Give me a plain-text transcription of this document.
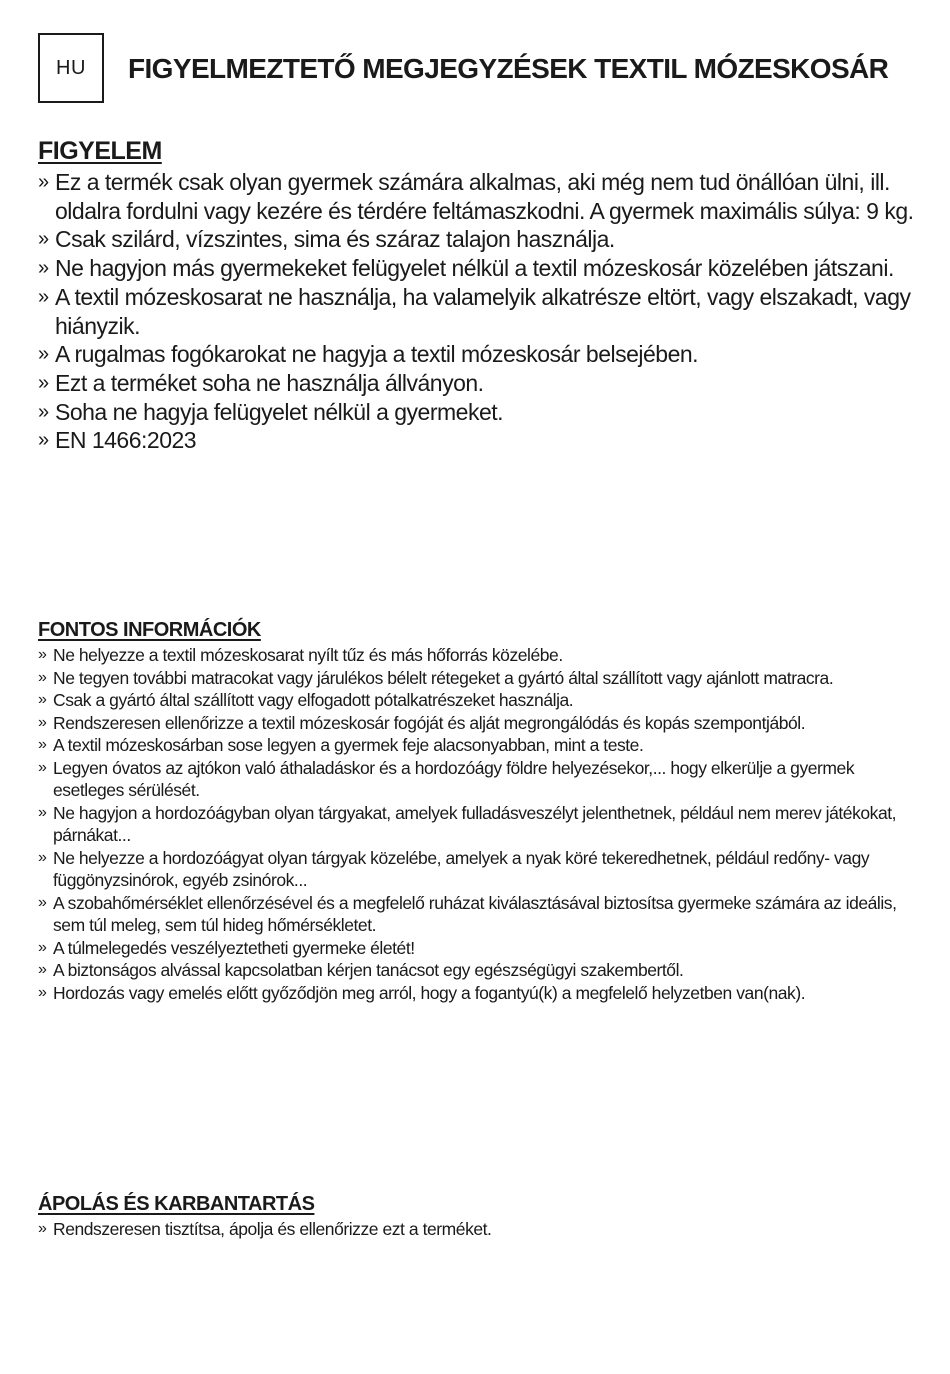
HU	FIGYELMEZTETŐ MEGJEGYZÉSEK TEXTIL MÓZESKOSÁR
FIGYELEM
» Ez a termék csak olyan gyermek számára alkalmas, aki még nem tud önállóan ülni, ill. oldalra fordulni vagy kezére és térdére feltámaszkodni. A gyermek maximális súlya: 9 kg.
» Csak szilárd, vízszintes, sima és száraz talajon használja.
» Ne hagyjon más gyermekeket felügyelet nélkül a textil mózeskosár közelében játszani.
» A textil mózeskosarat ne használja, ha valamelyik alkatrésze eltört, vagy elszakadt, vagy hiányzik.
» A rugalmas fogókarokat ne hagyja a textil mózeskosár belsejében.
» Ezt a terméket soha ne használja állványon.
» Soha ne hagyja felügyelet nélkül a gyermeket.
» EN 1466:2023
FONTOS INFORMÁCIÓK
» Ne helyezze a textil mózeskosarat nyílt tűz és más hőforrás közelébe.
» Ne tegyen további matracokat vagy járulékos bélelt rétegeket a gyártó által szállított vagy ajánlott matracra.
» Csak a gyártó által szállított vagy elfogadott pótalkatrészeket használja.
» Rendszeresen ellenőrizze a textil mózeskosár fogóját és alját megrongálódás és kopás szempontjából.
» A textil mózeskosárban sose legyen a gyermek feje alacsonyabban, mint a teste.
» Legyen óvatos az ajtókon való áthaladáskor és a hordozóágy földre helyezésekor,... hogy elkerülje a gyermek esetleges sérülését.
» Ne hagyjon a hordozóágyban olyan tárgyakat, amelyek fulladásveszélyt jelenthetnek, például nem merev játékokat, párnákat...
» Ne helyezze a hordozóágyat olyan tárgyak közelébe, amelyek a nyak köré tekeredhetnek, például redőny- vagy függönyzsinórok, egyéb zsinórok...
» A szobahőmérséklet ellenőrzésével és a megfelelő ruházat kiválasztásával biztosítsa gyermeke számára az ideális, sem túl meleg, sem túl hideg hőmérsékletet.
» A túlmelegedés veszélyeztetheti gyermeke életét!
» A biztonságos alvással kapcsolatban kérjen tanácsot egy egészségügyi szakembertől.
» Hordozás vagy emelés előtt győződjön meg arról, hogy a fogantyú(k) a megfelelő helyzetben van(nak).
ÁPOLÁS ÉS KARBANTARTÁS
» Rendszeresen tisztítsa, ápolja és ellenőrizze ezt a terméket.
